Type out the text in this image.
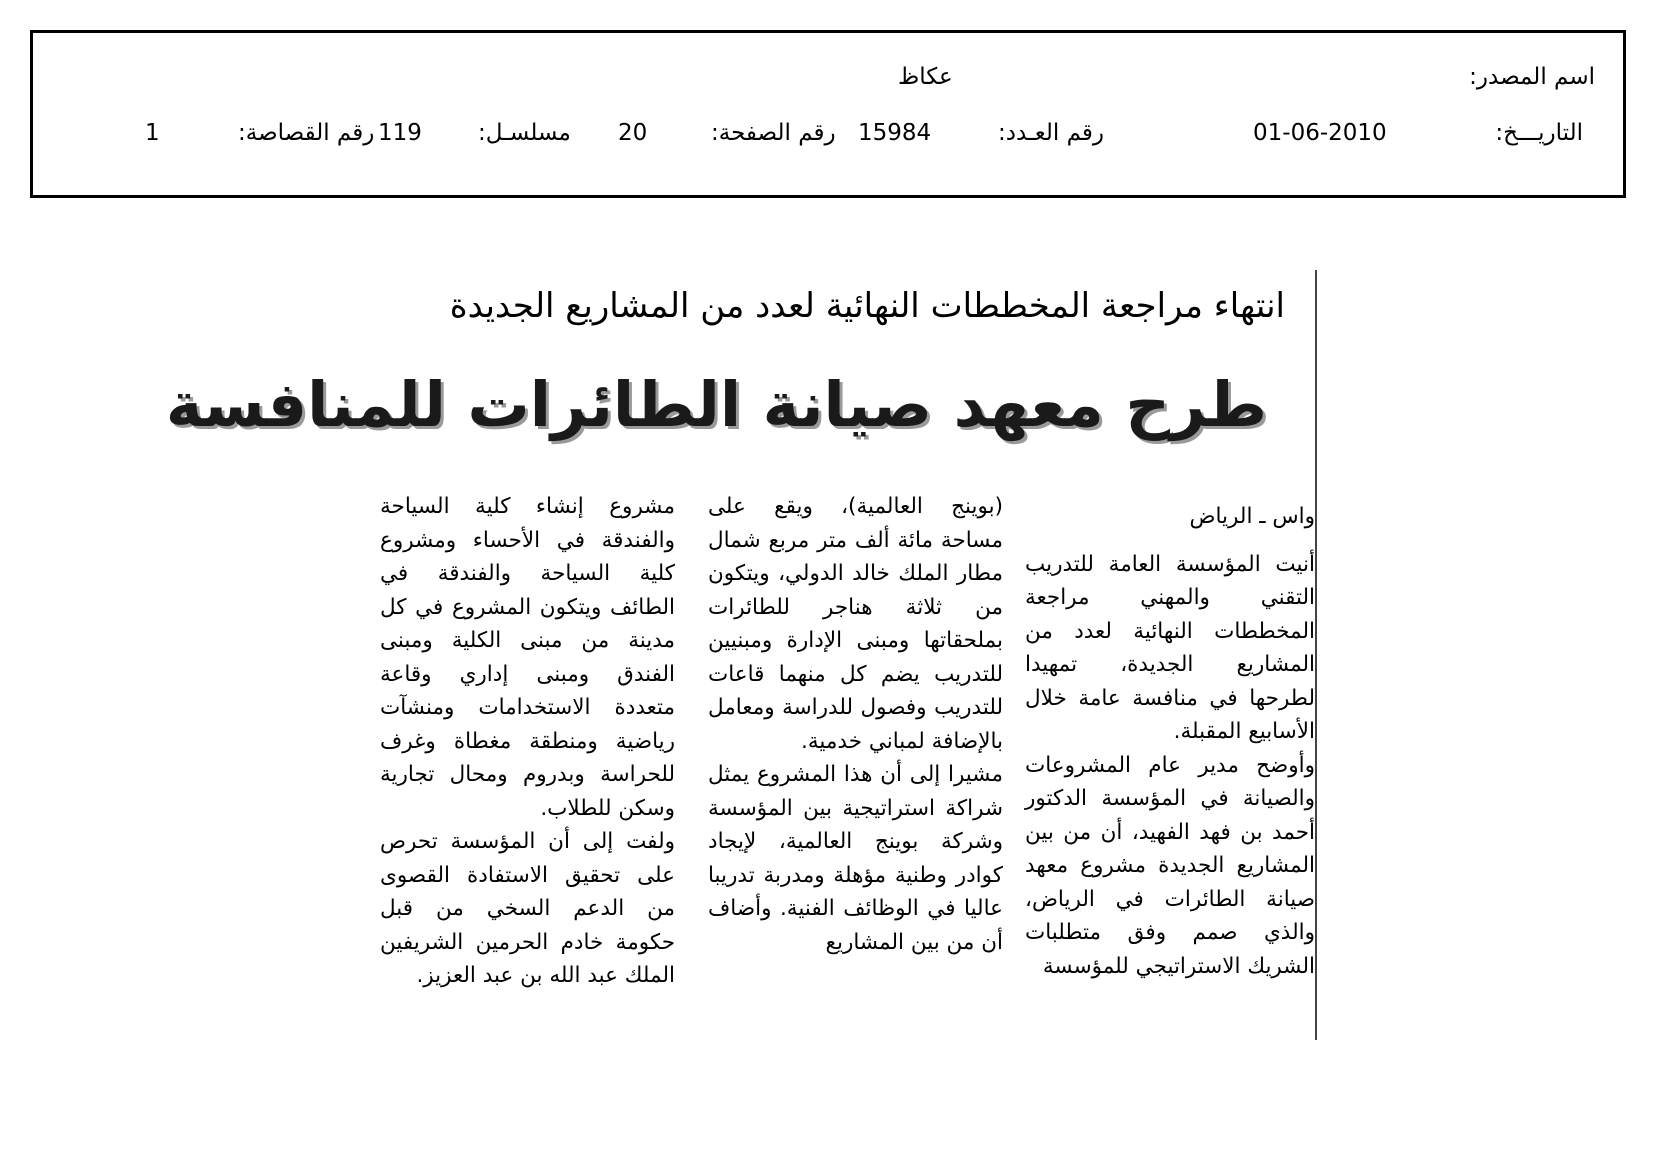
اسم المصدر:
عكاظ
التاريـــخ:
01-06-2010
رقم العـدد:
15984
رقم الصفحة:
20
مسلسـل:
119
رقم القصاصة:
1
انتهاء مراجعة المخططات النهائية لعدد من المشاريع الجديدة
طرح معهد صيانة الطائرات للمنافسة
واس ـ الرياض

أنيت المؤسسة العامة للتدريب التقني والمهني مراجعة المخططات النهائية لعدد من المشاريع الجديدة، تمهيدا لطرحها في منافسة عامة خلال الأسابيع المقبلة.

وأوضح مدير عام المشروعات والصيانة في المؤسسة الدكتور أحمد بن فهد الفهيد، أن من بين المشاريع الجديدة مشروع معهد صيانة الطائرات في الرياض، والذي صمم وفق متطلبات الشريك الاستراتيجي للمؤسسة

(بوينج العالمية)، ويقع على مساحة مائة ألف متر مربع شمال مطار الملك خالد الدولي، ويتكون من ثلاثة هناجر للطائرات بملحقاتها ومبنى الإدارة ومبنيين للتدريب يضم كل منهما قاعات للتدريب وفصول للدراسة ومعامل بالإضافة لمباني خدمية.

مشيرا إلى أن هذا المشروع يمثل شراكة استراتيجية بين المؤسسة وشركة بوينج العالمية، لإيجاد كوادر وطنية مؤهلة ومدربة تدريبا عاليا في الوظائف الفنية. وأضاف أن من بين المشاريع

مشروع إنشاء كلية السياحة والفندقة في الأحساء ومشروع كلية السياحة والفندقة في الطائف ويتكون المشروع في كل مدينة من مبنى الكلية ومبنى الفندق ومبنى إداري وقاعة متعددة الاستخدامات ومنشآت رياضية ومنطقة مغطاة وغرف للحراسة وبدروم ومحال تجارية وسكن للطلاب.

ولفت إلى أن المؤسسة تحرص على تحقيق الاستفادة القصوى من الدعم السخي من قبل حكومة خادم الحرمين الشريفين الملك عبد الله بن عبد العزيز.
